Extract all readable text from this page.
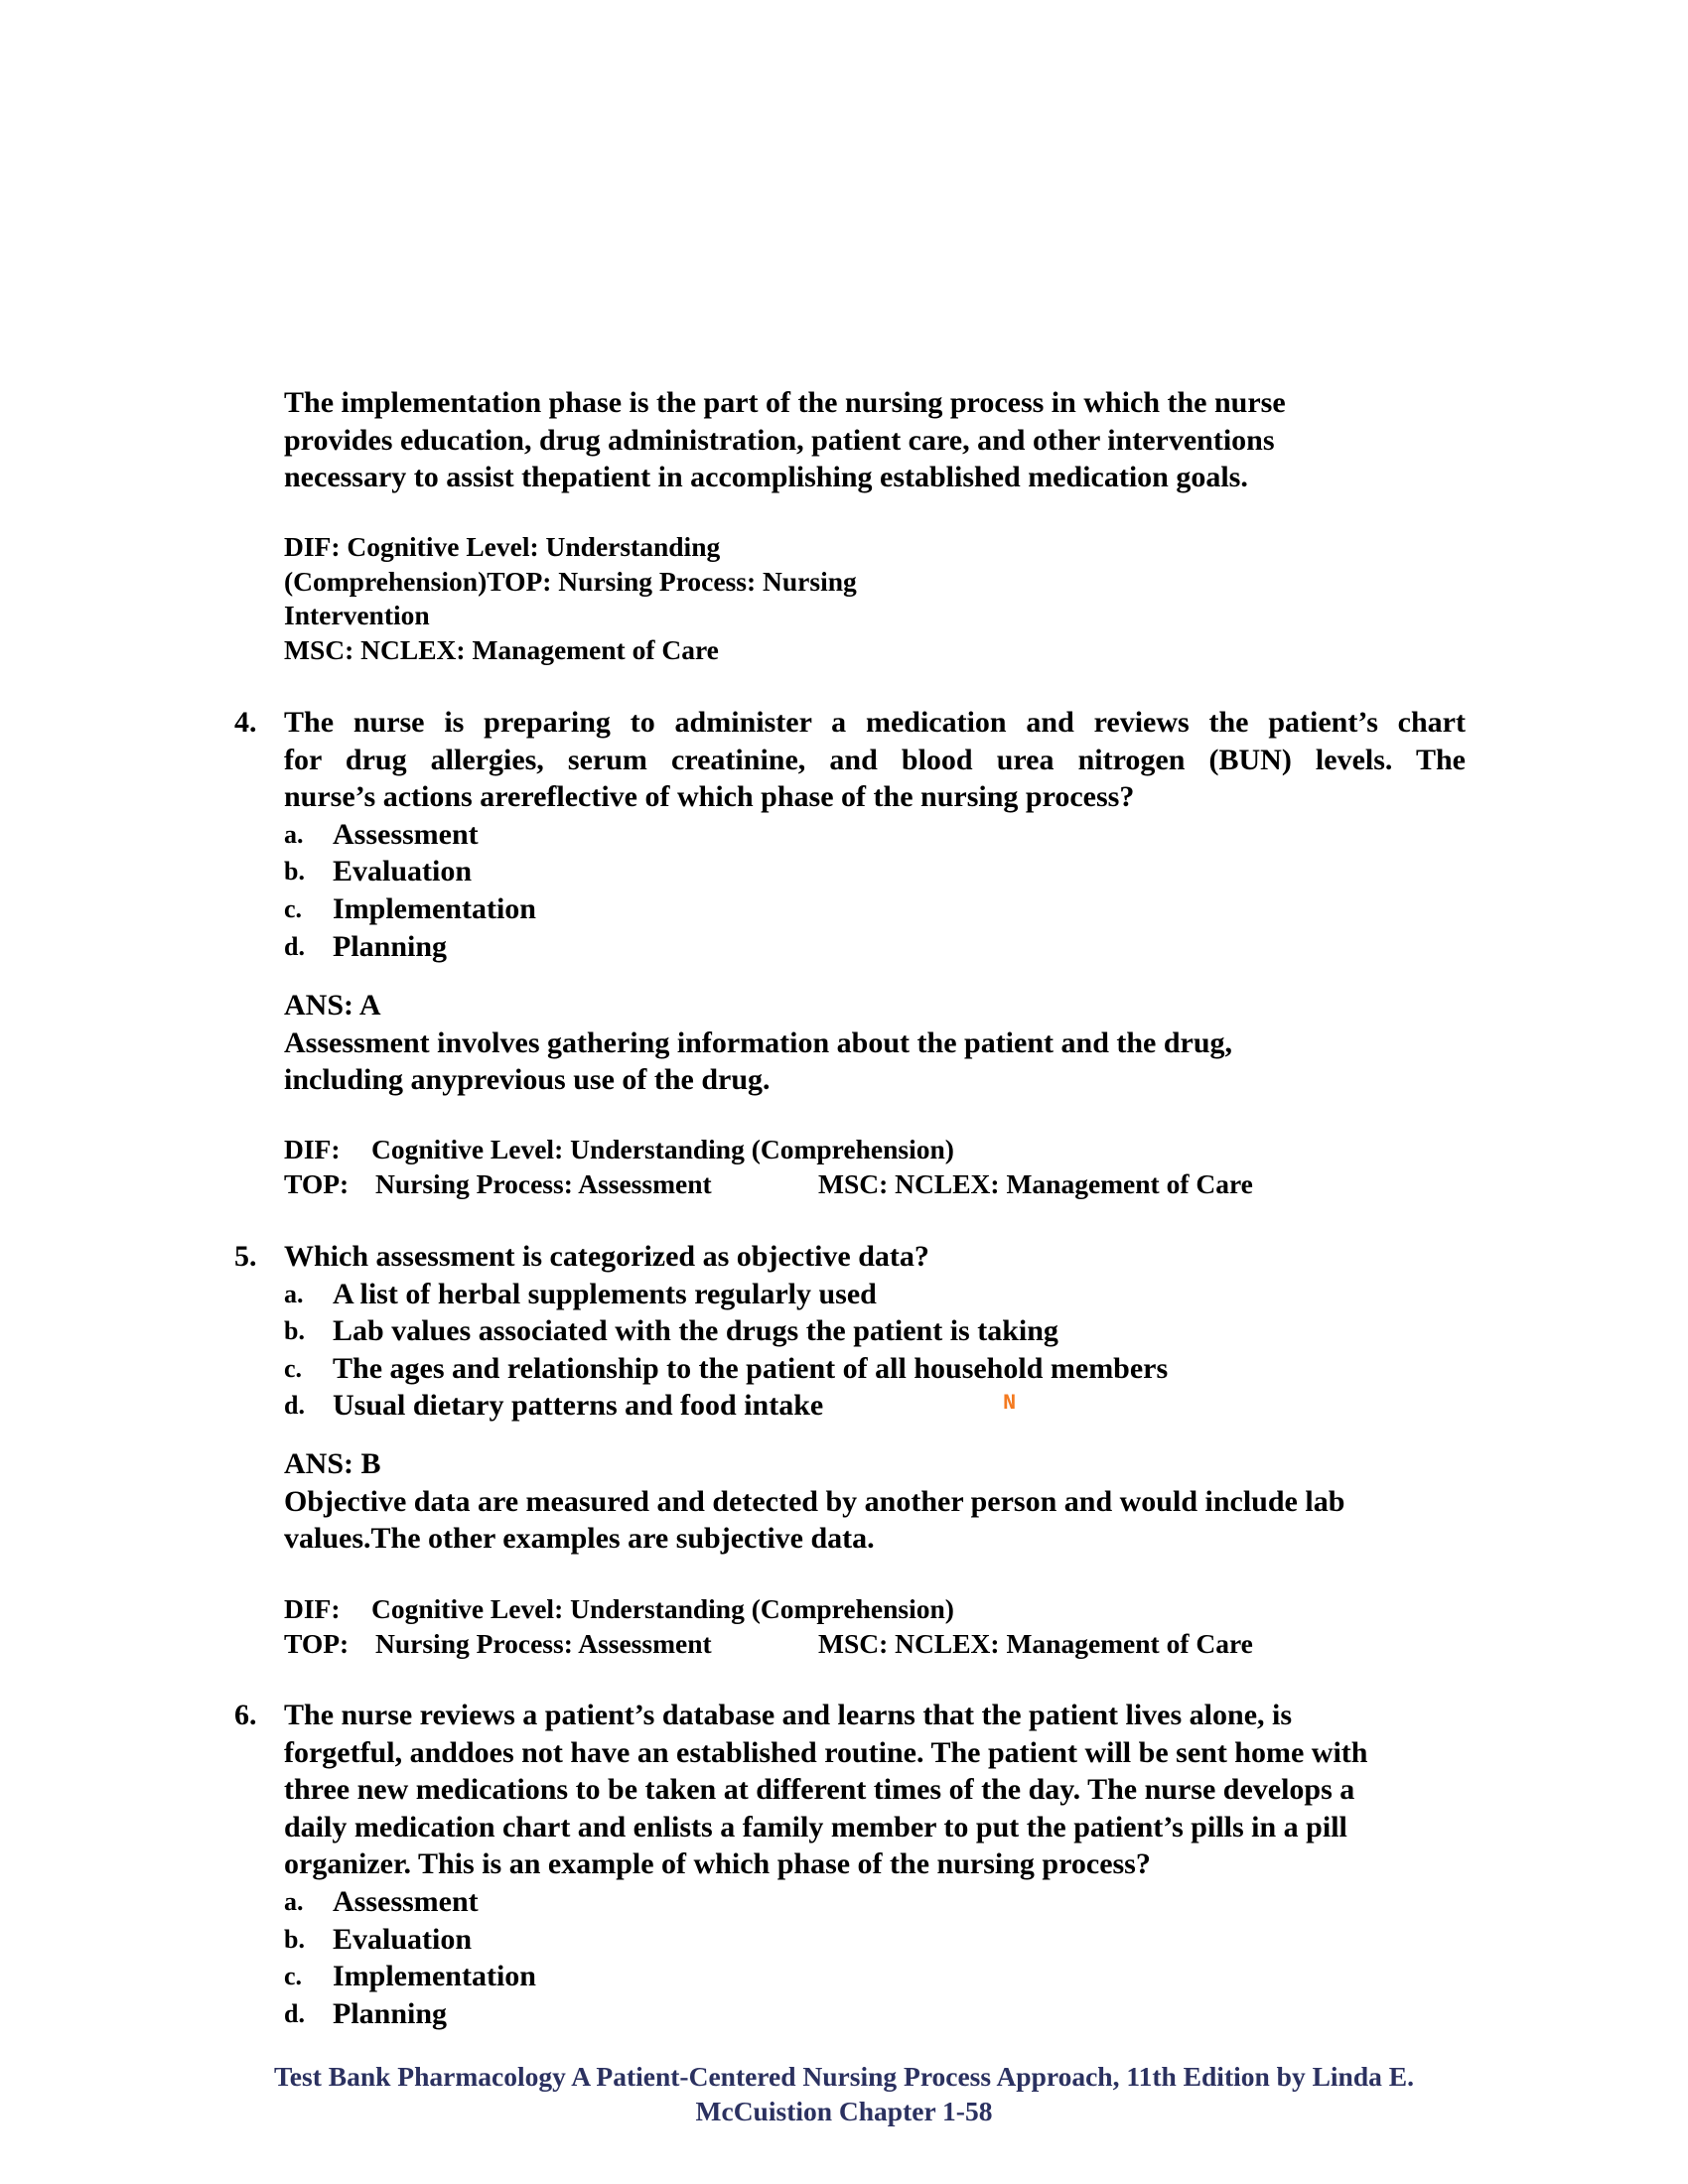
The implementation phase is the part of the nursing process in which the nurse
provides education, drug administration, patient care, and other interventions
necessary to assist thepatient in accomplishing established medication goals.
DIF: Cognitive Level: Understanding
(Comprehension)TOP: Nursing Process: Nursing
Intervention
MSC: NCLEX: Management of Care
4. The nurse is preparing to administer a medication and reviews the patient’s chart
for drug allergies, serum creatinine, and blood urea nitrogen (BUN) levels. The
nurse’s actions arereflective of which phase of the nursing process?
a. Assessment
b. Evaluation
c. Implementation
d. Planning
ANS: A
Assessment involves gathering information about the patient and the drug,
including anyprevious use of the drug.
DIF: Cognitive Level: Understanding (Comprehension)
TOP: Nursing Process: Assessment	MSC: NCLEX: Management of Care
5. Which assessment is categorized as objective data?
a. A list of herbal supplements regularly used
b. Lab values associated with the drugs the patient is taking
c. The ages and relationship to the patient of all household members
d. Usual dietary patterns and food intake
ANS: B
Objective data are measured and detected by another person and would include lab
values.The other examples are subjective data.
DIF: Cognitive Level: Understanding (Comprehension)
TOP: Nursing Process: Assessment	MSC: NCLEX: Management of Care
6. The nurse reviews a patient’s database and learns that the patient lives alone, is
forgetful, anddoes not have an established routine. The patient will be sent home with
three new medications to be taken at different times of the day. The nurse develops a
daily medication chart and enlists a family member to put the patient’s pills in a pill
organizer. This is an example of which phase of the nursing process?
a. Assessment
b. Evaluation
c. Implementation
d. Planning
N
Test Bank Pharmacology A Patient-Centered Nursing Process Approach, 11th Edition by Linda E.
McCuistion Chapter 1-58
